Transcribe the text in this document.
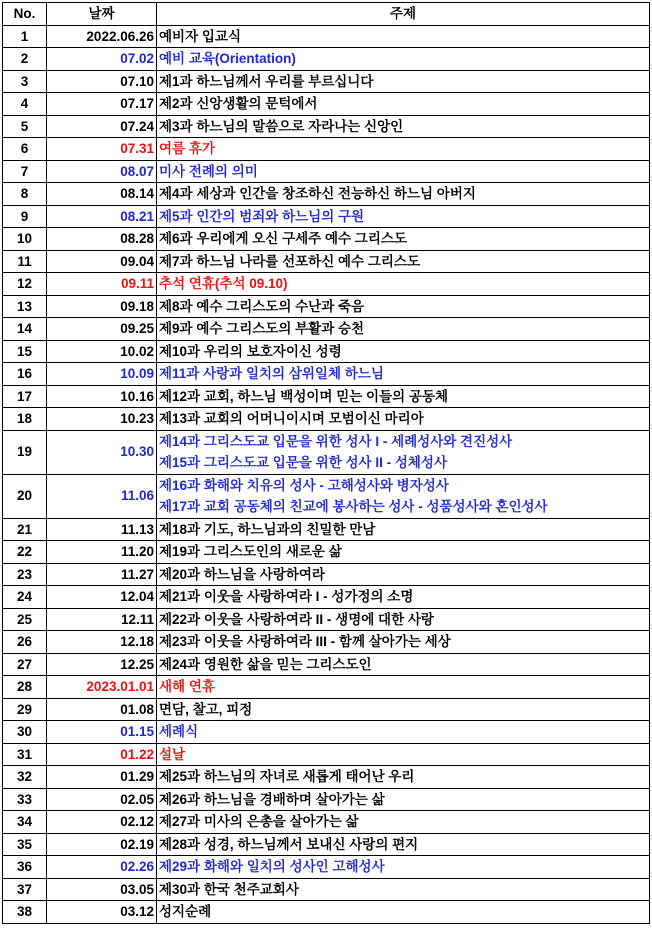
No.	날짜	주제
1	2022.06.26	예비자 입교식
2	07.02	예비 교육(Orientation)
3	07.10	제1과 하느님께서 우리를 부르십니다
4	07.17	제2과 신앙생활의 문턱에서
5	07.24	제3과 하느님의 말씀으로 자라나는 신앙인
6	07.31	여름 휴가
7	08.07	미사 전례의 의미
8	08.14	제4과 세상과 인간을 창조하신 전능하신 하느님 아버지
9	08.21	제5과 인간의 범죄와 하느님의 구원
10	08.28	제6과 우리에게 오신 구세주 예수 그리스도
11	09.04	제7과 하느님 나라를 선포하신 예수 그리스도
12	09.11	추석 연휴(추석 09.10)
13	09.18	제8과 예수 그리스도의 수난과 죽음
14	09.25	제9과 예수 그리스도의 부활과 승천
15	10.02	제10과 우리의 보호자이신 성령
16	10.09	제11과 사랑과 일치의 삼위일체 하느님
17	10.16	제12과 교회, 하느님 백성이며 믿는 이들의 공동체
18	10.23	제13과 교회의 어머니이시며 모범이신 마리아
19	10.30	제14과 그리스도교 입문을 위한 성사 I - 세례성사와 견진성사
제15과 그리스도교 입문을 위한 성사 II - 성체성사

20	11.06	제16과 화해와 치유의 성사 - 고해성사와 병자성사
제17과 교회 공동체의 친교에 봉사하는 성사 - 성품성사와 혼인성사

21	11.13	제18과 기도, 하느님과의 친밀한 만남
22	11.20	제19과 그리스도인의 새로운 삶
23	11.27	제20과 하느님을 사랑하여라
24	12.04	제21과 이웃을 사랑하여라 I - 성가정의 소명
25	12.11	제22과 이웃을 사랑하여라 II - 생명에 대한 사랑
26	12.18	제23과 이웃을 사랑하여라 III - 함께 살아가는 세상
27	12.25	제24과 영원한 삶을 믿는 그리스도인
28	2023.01.01	새해 연휴
29	01.08	면담, 찰고, 피정
30	01.15	세례식
31	01.22	설날
32	01.29	제25과 하느님의 자녀로 새롭게 태어난 우리
33	02.05	제26과 하느님을 경배하며 살아가는 삶
34	02.12	제27과 미사의 은총을 살아가는 삶
35	02.19	제28과 성경, 하느님께서 보내신 사랑의 편지
36	02.26	제29과 화해와 일치의 성사인 고해성사
37	03.05	제30과 한국 천주교회사
38	03.12	성지순례
